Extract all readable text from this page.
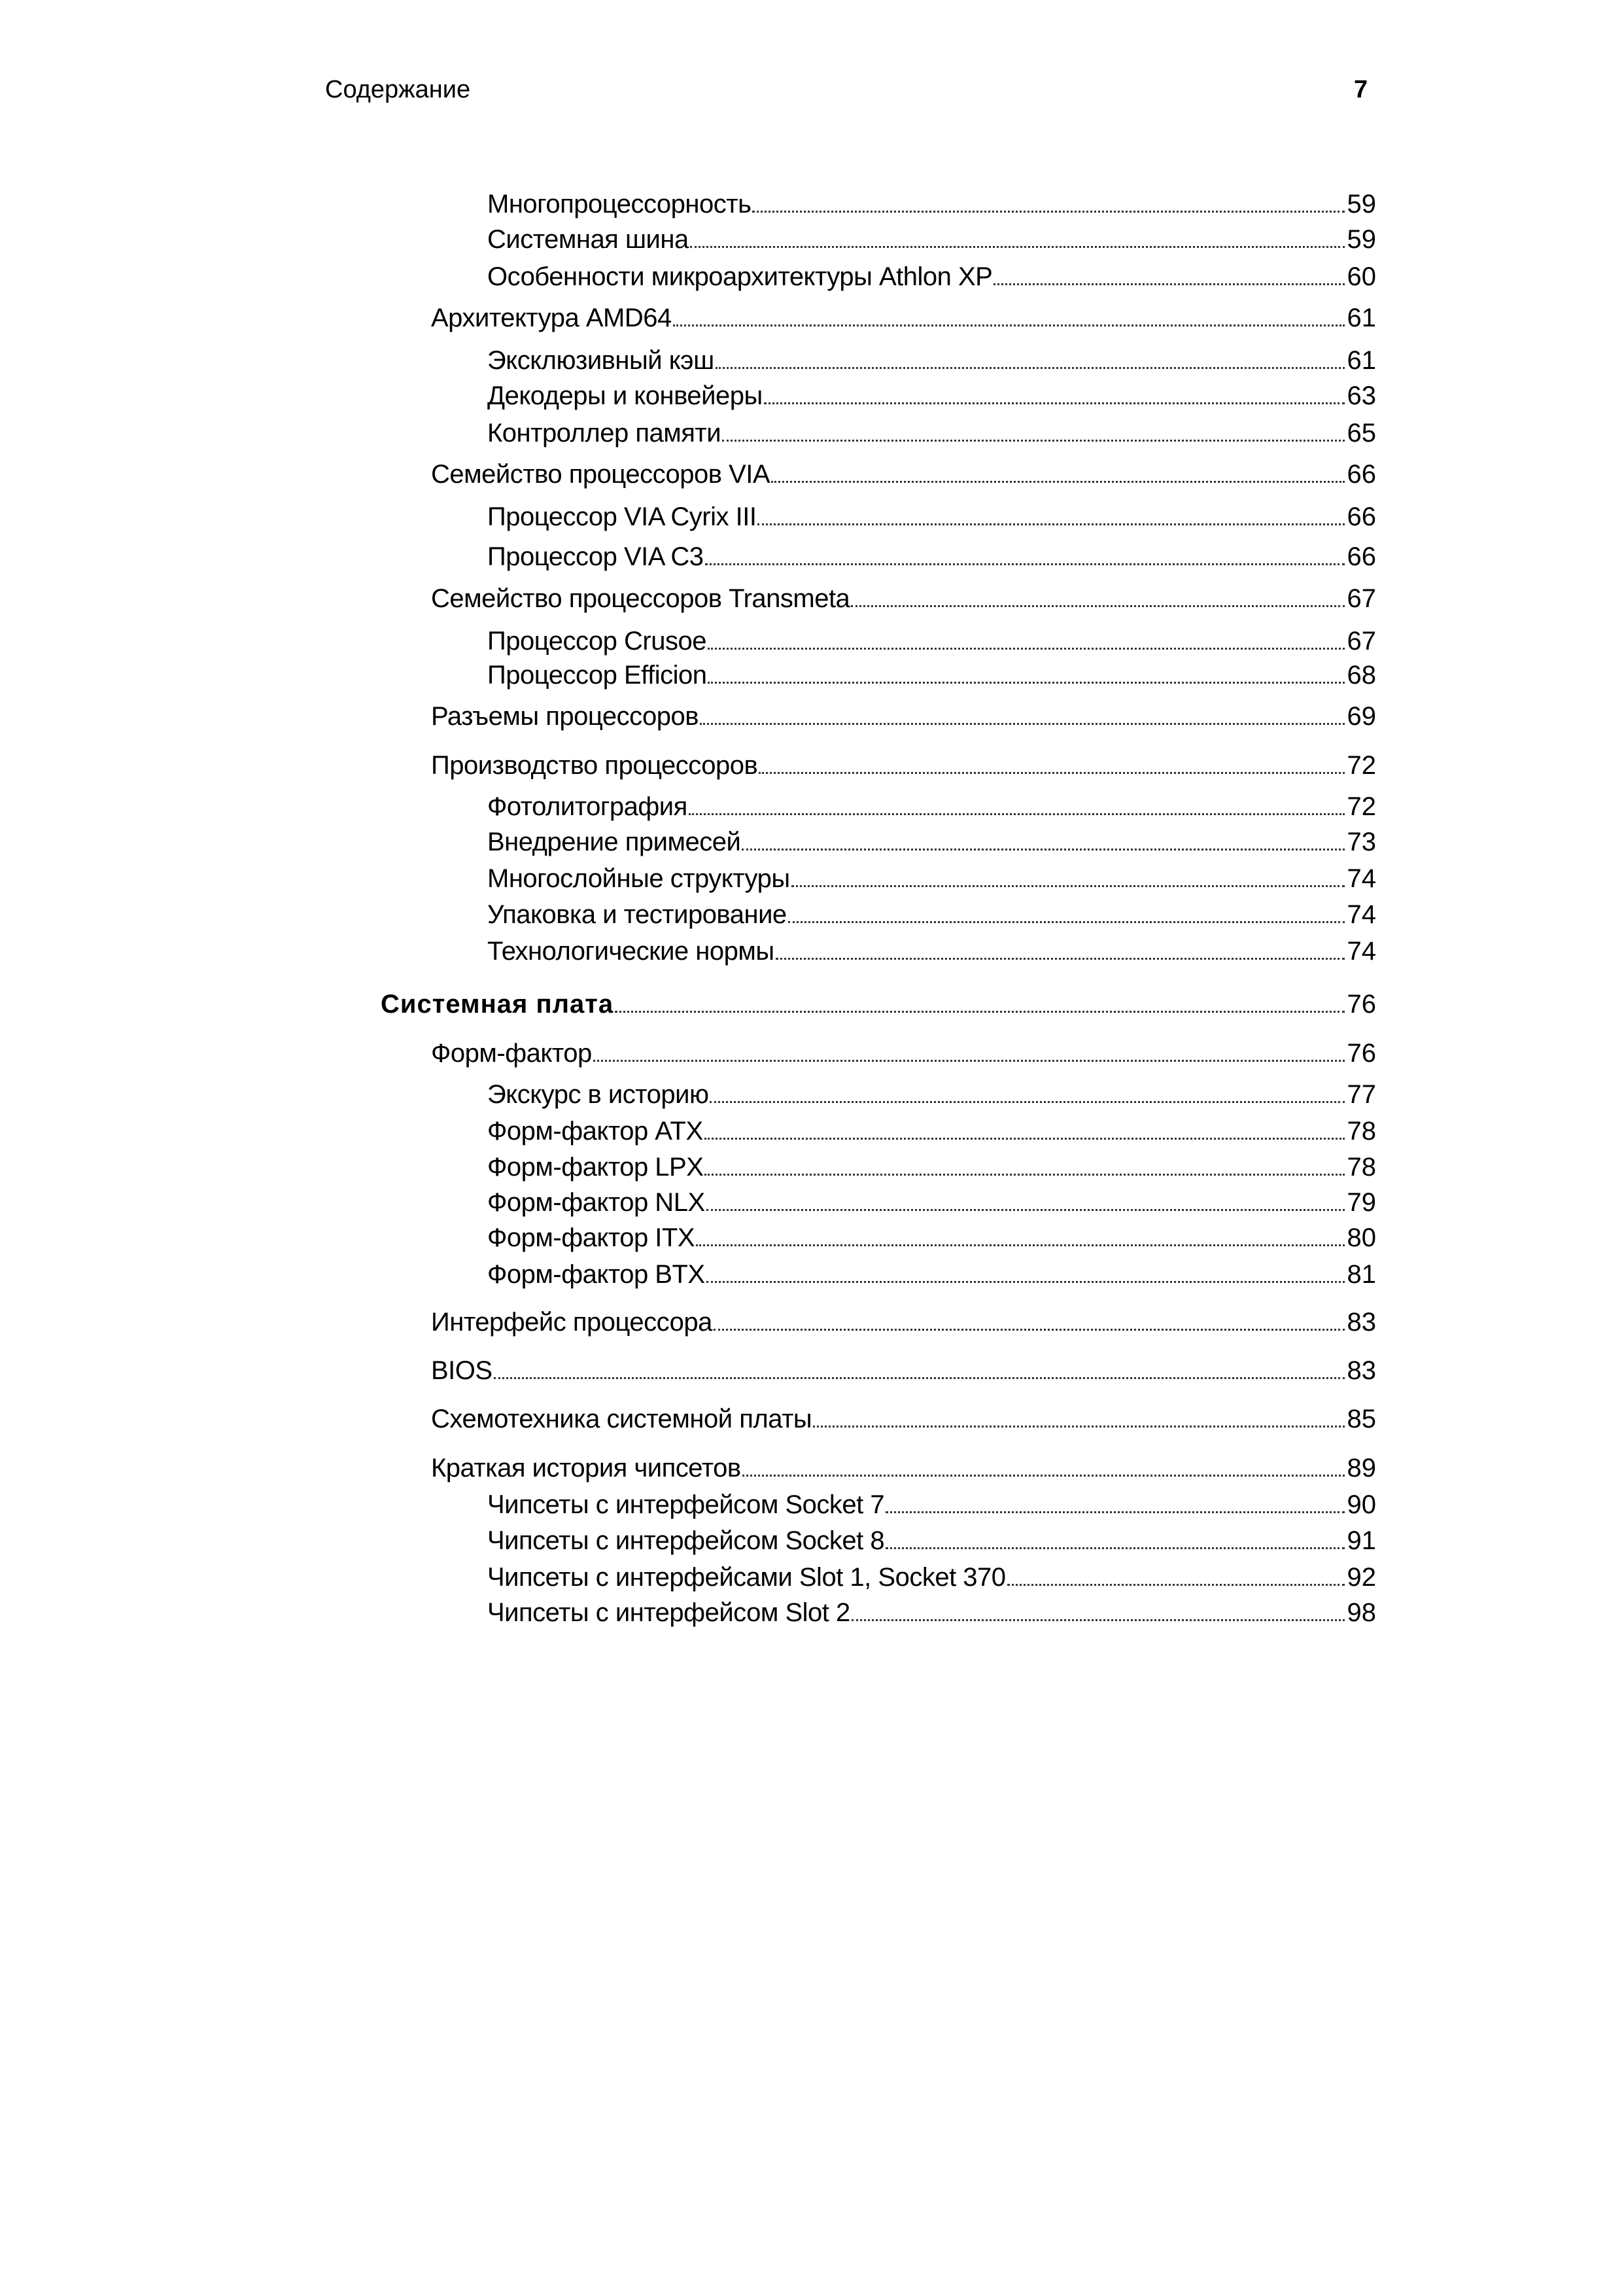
Содержание	7
Многопроцессорность	59
Системная шина	59
Особенности микроархитектуры Athlon XP	60
Архитектура AMD64	61
Эксклюзивный кэш	61
Декодеры и конвейеры	63
Контроллер памяти	65
Семейство процессоров VIA	66
Процессор VIA Cyrix III	66
Процессор VIA C3	66
Семейство процессоров Transmeta	67
Процессор Crusoe	67
Процессор Efficion	68
Разъемы процессоров	69
Производство процессоров	72
Фотолитография	72
Внедрение примесей	73
Многослойные структуры	74
Упаковка и тестирование	74
Технологические нормы	74
Системная плата	76
Форм-фактор	76
Экскурс в историю	77
Форм-фактор ATX	78
Форм-фактор LPX	78
Форм-фактор NLX	79
Форм-фактор ITX	80
Форм-фактор BTX	81
Интерфейс процессора	83
BIOS	83
Схемотехника системной платы	85
Краткая история чипсетов	89
Чипсеты с интерфейсом Socket 7	90
Чипсеты с интерфейсом Socket 8	91
Чипсеты с интерфейсами Slot 1, Socket 370	92
Чипсеты с интерфейсом Slot 2	98
